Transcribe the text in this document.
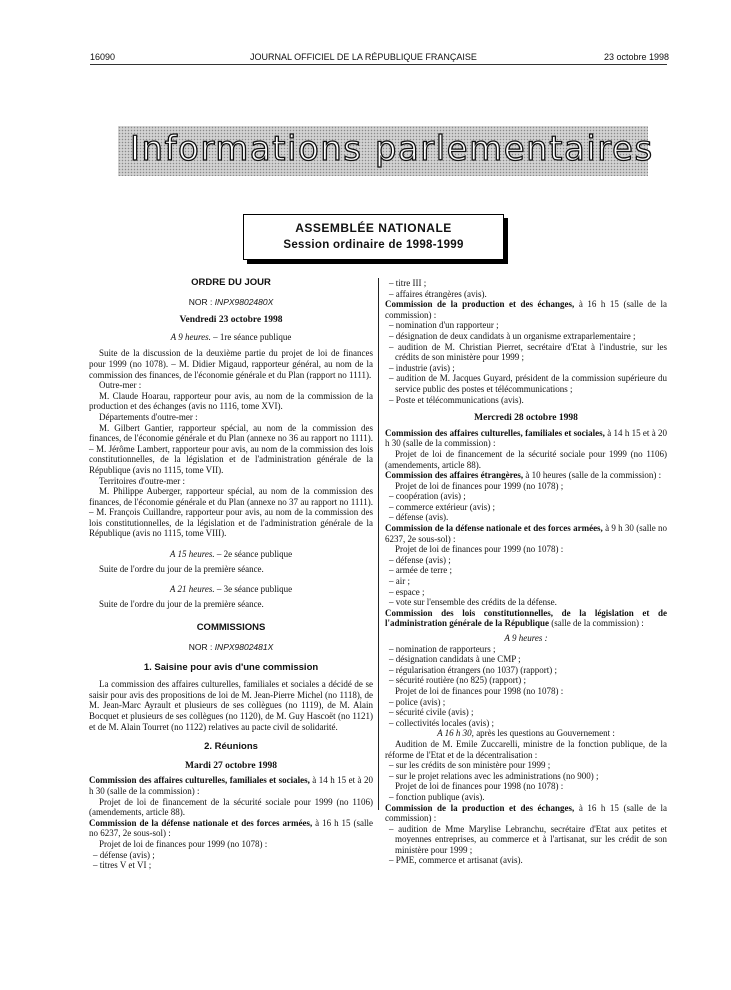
16090	JOURNAL OFFICIEL DE LA RÉPUBLIQUE FRANÇAISE	23 octobre 1998
Informations parlementaires
ASSEMBLÉE NATIONALE
Session ordinaire de 1998-1999

ORDRE DU JOUR

NOR : INPX9802480X

Vendredi 23 octobre 1998

A 9 heures. – 1re séance publique

Suite de la discussion de la deuxième partie du projet de loi de finances pour 1999 (no 1078). – M. Didier Migaud, rapporteur général, au nom de la commission des finances, de l'économie générale et du Plan (rapport no 1111).

Outre-mer :

M. Claude Hoarau, rapporteur pour avis, au nom de la commission de la production et des échanges (avis no 1116, tome XVI).

Départements d'outre-mer :

M. Gilbert Gantier, rapporteur spécial, au nom de la commission des finances, de l'économie générale et du Plan (annexe no 36 au rapport no 1111). – M. Jérôme Lambert, rapporteur pour avis, au nom de la commission des lois constitutionnelles, de la législation et de l'administration générale de la République (avis no 1115, tome VII).

Territoires d'outre-mer :

M. Philippe Auberger, rapporteur spécial, au nom de la commission des finances, de l'économie générale et du Plan (annexe no 37 au rapport no 1111). – M. François Cuillandre, rapporteur pour avis, au nom de la commission des lois constitutionnelles, de la législation et de l'administration générale de la République (avis no 1115, tome VIII).

A 15 heures. – 2e séance publique

Suite de l'ordre du jour de la première séance.

A 21 heures. – 3e séance publique

Suite de l'ordre du jour de la première séance.

COMMISSIONS

NOR : INPX9802481X

1. Saisine pour avis d'une commission

La commission des affaires culturelles, familiales et sociales a décidé de se saisir pour avis des propositions de loi de M. Jean-Pierre Michel (no 1118), de M. Jean-Marc Ayrault et plusieurs de ses collègues (no 1119), de M. Alain Bocquet et plusieurs de ses collègues (no 1120), de M. Guy Hascoët (no 1121) et de M. Alain Tourret (no 1122) relatives au pacte civil de solidarité.

2. Réunions

Mardi 27 octobre 1998

Commission des affaires culturelles, familiales et sociales, à 14 h 15 et à 20 h 30 (salle de la commission) :

Projet de loi de financement de la sécurité sociale pour 1999 (no 1106) (amendements, article 88).

Commission de la défense nationale et des forces armées, à 16 h 15 (salle no 6237, 2e sous-sol) :

Projet de loi de finances pour 1999 (no 1078) :

– défense (avis) ;

– titres V et VI ;

– titre III ;

– affaires étrangères (avis).

Commission de la production et des échanges, à 16 h 15 (salle de la commission) :

– nomination d'un rapporteur ;

– désignation de deux candidats à un organisme extraparlementaire ;

– audition de M. Christian Pierret, secrétaire d'Etat à l'industrie, sur les crédits de son ministère pour 1999 ;

– industrie (avis) ;

– audition de M. Jacques Guyard, président de la commission supérieure du service public des postes et télécommunications ;

– Poste et télécommunications (avis).

Mercredi 28 octobre 1998

Commission des affaires culturelles, familiales et sociales, à 14 h 15 et à 20 h 30 (salle de la commission) :

Projet de loi de financement de la sécurité sociale pour 1999 (no 1106) (amendements, article 88).

Commission des affaires étrangères, à 10 heures (salle de la commission) :

Projet de loi de finances pour 1999 (no 1078) ;

– coopération (avis) ;

– commerce extérieur (avis) ;

– défense (avis).

Commission de la défense nationale et des forces armées, à 9 h 30 (salle no 6237, 2e sous-sol) :

Projet de loi de finances pour 1999 (no 1078) :

– défense (avis) ;

– armée de terre ;

– air ;

– espace ;

– vote sur l'ensemble des crédits de la défense.

Commission des lois constitutionnelles, de la législation et de l'administration générale de la République (salle de la commission) :

A 9 heures :

– nomination de rapporteurs ;

– désignation candidats à une CMP ;

– régularisation étrangers (no 1037) (rapport) ;

– sécurité routière (no 825) (rapport) ;

Projet de loi de finances pour 1998 (no 1078) :

– police (avis) ;

– sécurité civile (avis) ;

– collectivités locales (avis) ;

A 16 h 30, après les questions au Gouvernement :

Audition de M. Emile Zuccarelli, ministre de la fonction publique, de la réforme de l'Etat et de la décentralisation :

– sur les crédits de son ministère pour 1999 ;

– sur le projet relations avec les administrations (no 900) ;

Projet de loi de finances pour 1998 (no 1078) :

– fonction publique (avis).

Commission de la production et des échanges, à 16 h 15 (salle de la commission) :

– audition de Mme Marylise Lebranchu, secrétaire d'Etat aux petites et moyennes entreprises, au commerce et à l'artisanat, sur les crédit de son ministère pour 1999 ;

– PME, commerce et artisanat (avis).
